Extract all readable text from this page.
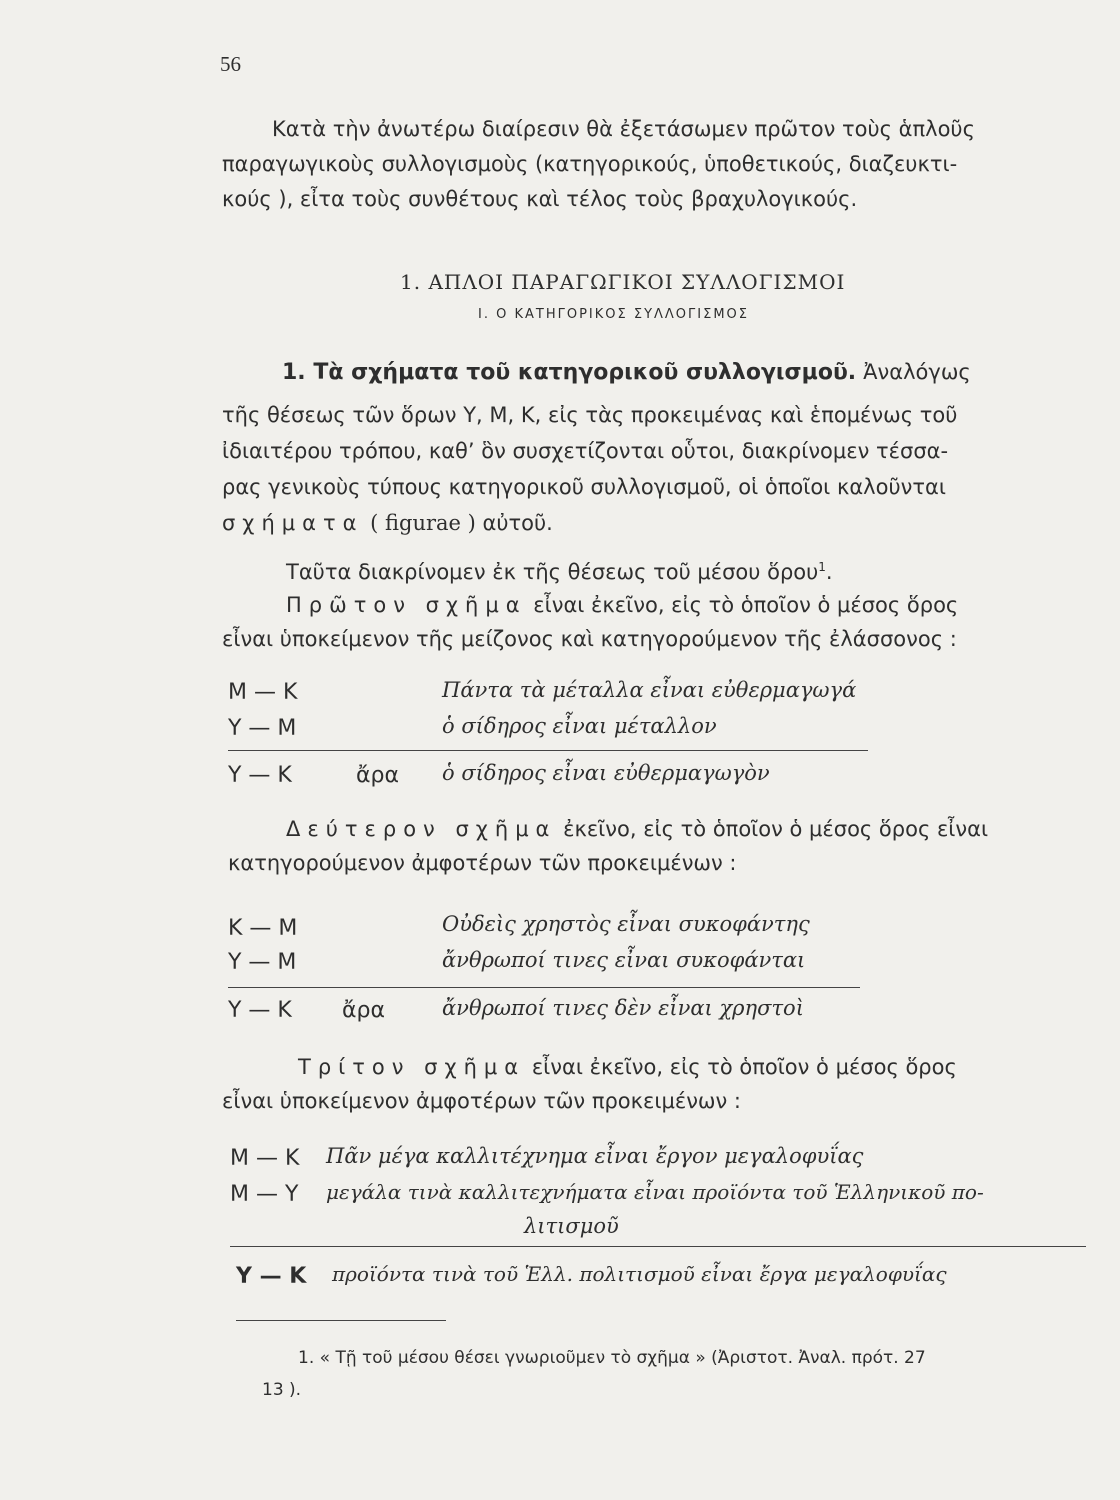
56
Κατὰ τὴν ἀνωτέρω διαίρεσιν θὰ ἐξετάσωμεν πρῶτον τοὺς ἁπλοῦς
παραγωγικοὺς συλλογισμοὺς (κατηγορικούς, ὑποθετικούς, διαζευκτι-
κούς ), εἶτα τοὺς συνθέτους καὶ τέλος τοὺς βραχυλογικούς.
1. ΑΠΛΟΙ ΠΑΡΑΓΩΓΙΚΟΙ ΣΥΛΛΟΓΙΣΜΟΙ
Ι. Ο ΚΑΤΗΓΟΡΙΚΟΣ ΣΥΛΛΟΓΙΣΜΟΣ
1. Τὰ σχήματα τοῦ κατηγορικοῦ συλλογισμοῦ. Ἀναλόγως
τῆς θέσεως τῶν ὅρων Υ, Μ, Κ, εἰς τὰς προκειμένας καὶ ἑπομένως τοῦ
ἰδιαιτέρου τρόπου, καθ’ ὃν συσχετίζονται οὗτοι, διακρίνομεν τέσσα-
ρας γενικοὺς τύπους κατηγορικοῦ συλλογισμοῦ, οἱ ὁποῖοι καλοῦνται
σχήματα ( figurae ) αὐτοῦ.
Ταῦτα διακρίνομεν ἐκ τῆς θέσεως τοῦ μέσου ὅρου$^1$.
Πρῶτον σχῆμα εἶναι ἐκεῖνο, εἰς τὸ ὁποῖον ὁ μέσος ὅρος
εἶναι ὑποκείμενον τῆς μείζονος καὶ κατηγορούμενον τῆς ἐλάσσονος :
Μ — Κ	Πάντα τὰ μέταλλα εἶναι εὐθερμαγωγά
Υ — Μ	ὁ σίδηρος εἶναι μέταλλον
Υ — Κ	ἄρα ὁ σίδηρος εἶναι εὐθερμαγωγὸν
Δεύτερον σχῆμα ἐκεῖνο, εἰς τὸ ὁποῖον ὁ μέσος ὅρος εἶναι
κατηγορούμενον ἀμφοτέρων τῶν προκειμένων :
Κ — Μ	Οὐδεὶς χρηστὸς εἶναι συκοφάντης
Υ — Μ	ἄνθρωποί τινες εἶναι συκοφάνται
Υ — Κ ἄρα	ἄνθρωποί τινες δὲν εἶναι χρηστοὶ
Τρίτον σχῆμα εἶναι ἐκεῖνο, εἰς τὸ ὁποῖον ὁ μέσος ὅρος
εἶναι ὑποκείμενον ἀμφοτέρων τῶν προκειμένων :
Μ — Κ Πᾶν μέγα καλλιτέχνημα εἶναι ἔργον μεγαλοφυΐας
Μ — Υ μεγάλα τινὰ καλλιτεχνήματα εἶναι προϊόντα τοῦ Ἑλληνικοῦ πο-
λιτισμοῦ
Υ — Κ προϊόντα τινὰ τοῦ Ἑλλ. πολιτισμοῦ εἶναι ἔργα μεγαλοφυΐας
1. « Τῇ τοῦ μέσου θέσει γνωριοῦμεν τὸ σχῆμα » (Ἀριστοτ. Ἀναλ. πρότ. 27
13 ).
